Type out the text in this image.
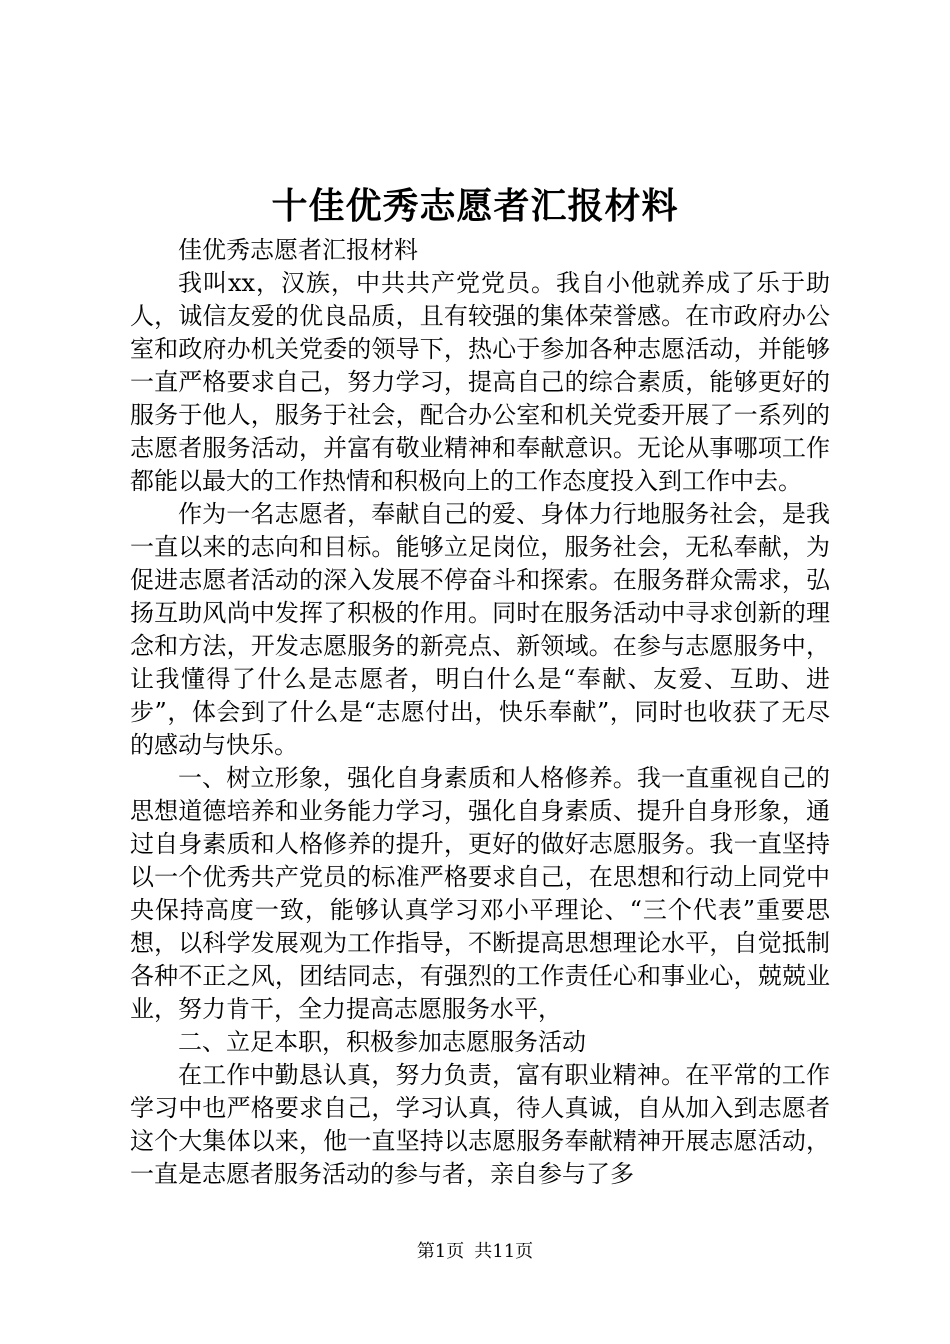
十佳优秀志愿者汇报材料

佳优秀志愿者汇报材料

我叫xx，汉族，中共共产党党员。我自小他就养成了乐于助人，诚信友爱的优良品质，且有较强的集体荣誉感。在市政府办公室和政府办机关党委的领导下，热心于参加各种志愿活动，并能够一直严格要求自己，努力学习，提高自己的综合素质，能够更好的服务于他人，服务于社会，配合办公室和机关党委开展了一系列的志愿者服务活动，并富有敬业精神和奉献意识。无论从事哪项工作都能以最大的工作热情和积极向上的工作态度投入到工作中去。

作为一名志愿者，奉献自己的爱、身体力行地服务社会，是我一直以来的志向和目标。能够立足岗位，服务社会，无私奉献，为促进志愿者活动的深入发展不停奋斗和探索。在服务群众需求，弘扬互助风尚中发挥了积极的作用。同时在服务活动中寻求创新的理念和方法，开发志愿服务的新亮点、新领域。在参与志愿服务中，让我懂得了什么是志愿者，明白什么是“奉献、友爱、互助、进步”，体会到了什么是“志愿付出，快乐奉献”，同时也收获了无尽的感动与快乐。

一、树立形象，强化自身素质和人格修养。我一直重视自己的思想道德培养和业务能力学习，强化自身素质、提升自身形象，通过自身素质和人格修养的提升，更好的做好志愿服务。我一直坚持以一个优秀共产党员的标准严格要求自己，在思想和行动上同党中央保持高度一致，能够认真学习邓小平理论、“三个代表”重要思想，以科学发展观为工作指导，不断提高思想理论水平，自觉抵制各种不正之风，团结同志，有强烈的工作责任心和事业心，兢兢业业，努力肯干，全力提高志愿服务水平，

二、立足本职，积极参加志愿服务活动

在工作中勤恳认真，努力负责，富有职业精神。在平常的工作学习中也严格要求自己，学习认真，待人真诚，自从加入到志愿者这个大集体以来，他一直坚持以志愿服务奉献精神开展志愿活动，一直是志愿者服务活动的参与者，亲自参与了多

第1页 共11页
